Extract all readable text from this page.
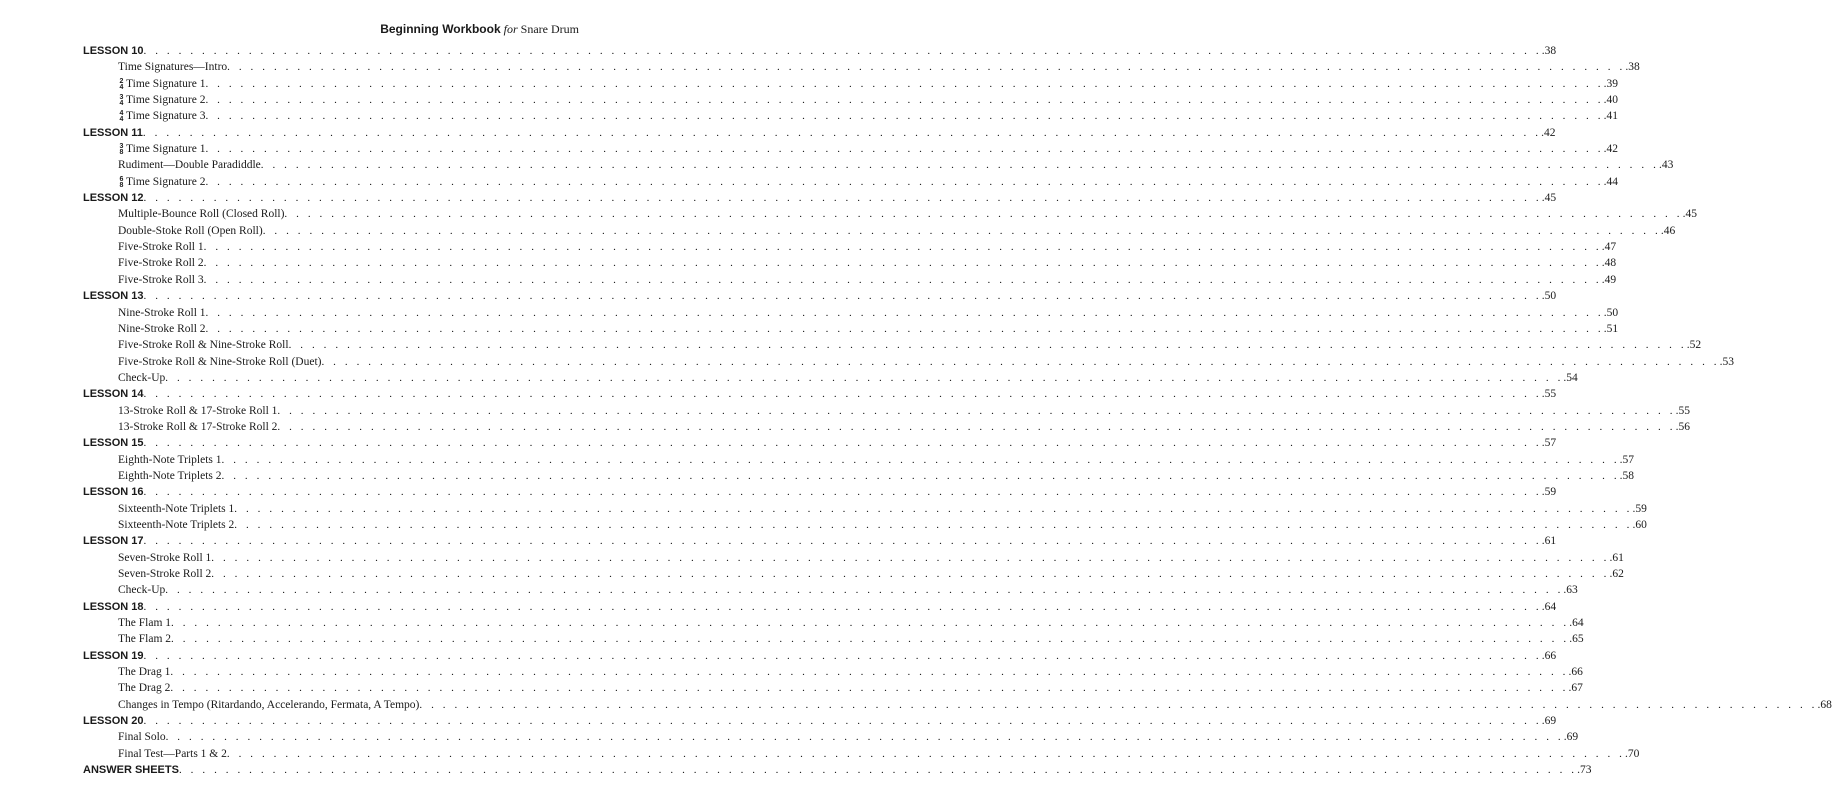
Beginning Workbook for Snare Drum
LESSON 10 . . . . . . . . . . . . . . . . . . . . . . . . . . . . . . . . . . . . . . . . . . . . . . . . . . . . . . . . . . . . . . . . . . . . . . . . . . . . . . . . . . . . . . . . . . . . . . . . . . . . . . . . . . . . . . . . . . . . . . . . .38
Time Signatures—Intro . . . . . . . . . . . . . . . . . . . . . . . . . . . . . . . . . . . . . . . . . . . . . . . . . . . . . . . . . . . . . . . . . . . . . . . . . . . . . . . . . . . . . . . . . . . . . . . . . . . . . . . . . . . . . . . . . . . . . . . . .38
2
4 Time Signature 1 . . . . . . . . . . . . . . . . . . . . . . . . . . . . . . . . . . . . . . . . . . . . . . . . . . . . . . . . . . . . . . . . . . . . . . . . . . . . . . . . . . . . . . . . . . . . . . . . . . . . . . . . . . . . . . . . . . . . . . . . .39
3
4 Time Signature 2 . . . . . . . . . . . . . . . . . . . . . . . . . . . . . . . . . . . . . . . . . . . . . . . . . . . . . . . . . . . . . . . . . . . . . . . . . . . . . . . . . . . . . . . . . . . . . . . . . . . . . . . . . . . . . . . . . . . . . . . . .40
4
4 Time Signature 3 . . . . . . . . . . . . . . . . . . . . . . . . . . . . . . . . . . . . . . . . . . . . . . . . . . . . . . . . . . . . . . . . . . . . . . . . . . . . . . . . . . . . . . . . . . . . . . . . . . . . . . . . . . . . . . . . . . . . . . . . .41
LESSON 11 . . . . . . . . . . . . . . . . . . . . . . . . . . . . . . . . . . . . . . . . . . . . . . . . . . . . . . . . . . . . . . . . . . . . . . . . . . . . . . . . . . . . . . . . . . . . . . . . . . . . . . . . . . . . . . . . . . . . . . . . .42
3
8 Time Signature 1 . . . . . . . . . . . . . . . . . . . . . . . . . . . . . . . . . . . . . . . . . . . . . . . . . . . . . . . . . . . . . . . . . . . . . . . . . . . . . . . . . . . . . . . . . . . . . . . . . . . . . . . . . . . . . . . . . . . . . . . . .42
Rudiment—Double Paradiddle . . . . . . . . . . . . . . . . . . . . . . . . . . . . . . . . . . . . . . . . . . . . . . . . . . . . . . . . . . . . . . . . . . . . . . . . . . . . . . . . . . . . . . . . . . . . . . . . . . . . . . . . . . . . . . . . . . . . . . . . .43
6
8 Time Signature 2 . . . . . . . . . . . . . . . . . . . . . . . . . . . . . . . . . . . . . . . . . . . . . . . . . . . . . . . . . . . . . . . . . . . . . . . . . . . . . . . . . . . . . . . . . . . . . . . . . . . . . . . . . . . . . . . . . . . . . . . . .44
LESSON 12 . . . . . . . . . . . . . . . . . . . . . . . . . . . . . . . . . . . . . . . . . . . . . . . . . . . . . . . . . . . . . . . . . . . . . . . . . . . . . . . . . . . . . . . . . . . . . . . . . . . . . . . . . . . . . . . . . . . . . . . . .45
Multiple-Bounce Roll (Closed Roll) . . . . . . . . . . . . . . . . . . . . . . . . . . . . . . . . . . . . . . . . . . . . . . . . . . . . . . . . . . . . . . . . . . . . . . . . . . . . . . . . . . . . . . . . . . . . . . . . . . . . . . . . . . . . . . . . . . . . . . . . .45
Double-Stoke Roll (Open Roll) . . . . . . . . . . . . . . . . . . . . . . . . . . . . . . . . . . . . . . . . . . . . . . . . . . . . . . . . . . . . . . . . . . . . . . . . . . . . . . . . . . . . . . . . . . . . . . . . . . . . . . . . . . . . . . . . . . . . . . . . .46
Five-Stroke Roll 1 . . . . . . . . . . . . . . . . . . . . . . . . . . . . . . . . . . . . . . . . . . . . . . . . . . . . . . . . . . . . . . . . . . . . . . . . . . . . . . . . . . . . . . . . . . . . . . . . . . . . . . . . . . . . . . . . . . . . . . . . .47
Five-Stroke Roll 2 . . . . . . . . . . . . . . . . . . . . . . . . . . . . . . . . . . . . . . . . . . . . . . . . . . . . . . . . . . . . . . . . . . . . . . . . . . . . . . . . . . . . . . . . . . . . . . . . . . . . . . . . . . . . . . . . . . . . . . . . .48
Five-Stroke Roll 3 . . . . . . . . . . . . . . . . . . . . . . . . . . . . . . . . . . . . . . . . . . . . . . . . . . . . . . . . . . . . . . . . . . . . . . . . . . . . . . . . . . . . . . . . . . . . . . . . . . . . . . . . . . . . . . . . . . . . . . . . .49
LESSON 13 . . . . . . . . . . . . . . . . . . . . . . . . . . . . . . . . . . . . . . . . . . . . . . . . . . . . . . . . . . . . . . . . . . . . . . . . . . . . . . . . . . . . . . . . . . . . . . . . . . . . . . . . . . . . . . . . . . . . . . . . .50
Nine-Stroke Roll 1 . . . . . . . . . . . . . . . . . . . . . . . . . . . . . . . . . . . . . . . . . . . . . . . . . . . . . . . . . . . . . . . . . . . . . . . . . . . . . . . . . . . . . . . . . . . . . . . . . . . . . . . . . . . . . . . . . . . . . . . . .50
Nine-Stroke Roll 2 . . . . . . . . . . . . . . . . . . . . . . . . . . . . . . . . . . . . . . . . . . . . . . . . . . . . . . . . . . . . . . . . . . . . . . . . . . . . . . . . . . . . . . . . . . . . . . . . . . . . . . . . . . . . . . . . . . . . . . . . .51
Five-Stroke Roll & Nine-Stroke Roll . . . . . . . . . . . . . . . . . . . . . . . . . . . . . . . . . . . . . . . . . . . . . . . . . . . . . . . . . . . . . . . . . . . . . . . . . . . . . . . . . . . . . . . . . . . . . . . . . . . . . . . . . . . . . . . . . . . . . . . . .52
Five-Stroke Roll & Nine-Stroke Roll (Duet) . . . . . . . . . . . . . . . . . . . . . . . . . . . . . . . . . . . . . . . . . . . . . . . . . . . . . . . . . . . . . . . . . . . . . . . . . . . . . . . . . . . . . . . . . . . . . . . . . . . . . . . . . . . . . . . . . . . . . . . . .53
Check-Up . . . . . . . . . . . . . . . . . . . . . . . . . . . . . . . . . . . . . . . . . . . . . . . . . . . . . . . . . . . . . . . . . . . . . . . . . . . . . . . . . . . . . . . . . . . . . . . . . . . . . . . . . . . . . . . . . . . . . . . . .54
LESSON 14 . . . . . . . . . . . . . . . . . . . . . . . . . . . . . . . . . . . . . . . . . . . . . . . . . . . . . . . . . . . . . . . . . . . . . . . . . . . . . . . . . . . . . . . . . . . . . . . . . . . . . . . . . . . . . . . . . . . . . . . . .55
13-Stroke Roll & 17-Stroke Roll 1 . . . . . . . . . . . . . . . . . . . . . . . . . . . . . . . . . . . . . . . . . . . . . . . . . . . . . . . . . . . . . . . . . . . . . . . . . . . . . . . . . . . . . . . . . . . . . . . . . . . . . . . . . . . . . . . . . . . . . . . . .55
13-Stroke Roll & 17-Stroke Roll 2 . . . . . . . . . . . . . . . . . . . . . . . . . . . . . . . . . . . . . . . . . . . . . . . . . . . . . . . . . . . . . . . . . . . . . . . . . . . . . . . . . . . . . . . . . . . . . . . . . . . . . . . . . . . . . . . . . . . . . . . . .56
LESSON 15 . . . . . . . . . . . . . . . . . . . . . . . . . . . . . . . . . . . . . . . . . . . . . . . . . . . . . . . . . . . . . . . . . . . . . . . . . . . . . . . . . . . . . . . . . . . . . . . . . . . . . . . . . . . . . . . . . . . . . . . . .57
Eighth-Note Triplets 1 . . . . . . . . . . . . . . . . . . . . . . . . . . . . . . . . . . . . . . . . . . . . . . . . . . . . . . . . . . . . . . . . . . . . . . . . . . . . . . . . . . . . . . . . . . . . . . . . . . . . . . . . . . . . . . . . . . . . . . . . .57
Eighth-Note Triplets 2 . . . . . . . . . . . . . . . . . . . . . . . . . . . . . . . . . . . . . . . . . . . . . . . . . . . . . . . . . . . . . . . . . . . . . . . . . . . . . . . . . . . . . . . . . . . . . . . . . . . . . . . . . . . . . . . . . . . . . . . . .58
LESSON 16 . . . . . . . . . . . . . . . . . . . . . . . . . . . . . . . . . . . . . . . . . . . . . . . . . . . . . . . . . . . . . . . . . . . . . . . . . . . . . . . . . . . . . . . . . . . . . . . . . . . . . . . . . . . . . . . . . . . . . . . . .59
Sixteenth-Note Triplets 1 . . . . . . . . . . . . . . . . . . . . . . . . . . . . . . . . . . . . . . . . . . . . . . . . . . . . . . . . . . . . . . . . . . . . . . . . . . . . . . . . . . . . . . . . . . . . . . . . . . . . . . . . . . . . . . . . . . . . . . . . .59
Sixteenth-Note Triplets 2 . . . . . . . . . . . . . . . . . . . . . . . . . . . . . . . . . . . . . . . . . . . . . . . . . . . . . . . . . . . . . . . . . . . . . . . . . . . . . . . . . . . . . . . . . . . . . . . . . . . . . . . . . . . . . . . . . . . . . . . . .60
LESSON 17 . . . . . . . . . . . . . . . . . . . . . . . . . . . . . . . . . . . . . . . . . . . . . . . . . . . . . . . . . . . . . . . . . . . . . . . . . . . . . . . . . . . . . . . . . . . . . . . . . . . . . . . . . . . . . . . . . . . . . . . . .61
Seven-Stroke Roll 1 . . . . . . . . . . . . . . . . . . . . . . . . . . . . . . . . . . . . . . . . . . . . . . . . . . . . . . . . . . . . . . . . . . . . . . . . . . . . . . . . . . . . . . . . . . . . . . . . . . . . . . . . . . . . . . . . . . . . . . . . .61
Seven-Stroke Roll 2 . . . . . . . . . . . . . . . . . . . . . . . . . . . . . . . . . . . . . . . . . . . . . . . . . . . . . . . . . . . . . . . . . . . . . . . . . . . . . . . . . . . . . . . . . . . . . . . . . . . . . . . . . . . . . . . . . . . . . . . . .62
Check-Up . . . . . . . . . . . . . . . . . . . . . . . . . . . . . . . . . . . . . . . . . . . . . . . . . . . . . . . . . . . . . . . . . . . . . . . . . . . . . . . . . . . . . . . . . . . . . . . . . . . . . . . . . . . . . . . . . . . . . . . . .63
LESSON 18 . . . . . . . . . . . . . . . . . . . . . . . . . . . . . . . . . . . . . . . . . . . . . . . . . . . . . . . . . . . . . . . . . . . . . . . . . . . . . . . . . . . . . . . . . . . . . . . . . . . . . . . . . . . . . . . . . . . . . . . . .64
The Flam 1 . . . . . . . . . . . . . . . . . . . . . . . . . . . . . . . . . . . . . . . . . . . . . . . . . . . . . . . . . . . . . . . . . . . . . . . . . . . . . . . . . . . . . . . . . . . . . . . . . . . . . . . . . . . . . . . . . . . . . . . . .64
The Flam 2 . . . . . . . . . . . . . . . . . . . . . . . . . . . . . . . . . . . . . . . . . . . . . . . . . . . . . . . . . . . . . . . . . . . . . . . . . . . . . . . . . . . . . . . . . . . . . . . . . . . . . . . . . . . . . . . . . . . . . . . . .65
LESSON 19 . . . . . . . . . . . . . . . . . . . . . . . . . . . . . . . . . . . . . . . . . . . . . . . . . . . . . . . . . . . . . . . . . . . . . . . . . . . . . . . . . . . . . . . . . . . . . . . . . . . . . . . . . . . . . . . . . . . . . . . . .66
The Drag 1 . . . . . . . . . . . . . . . . . . . . . . . . . . . . . . . . . . . . . . . . . . . . . . . . . . . . . . . . . . . . . . . . . . . . . . . . . . . . . . . . . . . . . . . . . . . . . . . . . . . . . . . . . . . . . . . . . . . . . . . . .66
The Drag 2 . . . . . . . . . . . . . . . . . . . . . . . . . . . . . . . . . . . . . . . . . . . . . . . . . . . . . . . . . . . . . . . . . . . . . . . . . . . . . . . . . . . . . . . . . . . . . . . . . . . . . . . . . . . . . . . . . . . . . . . . .67
Changes in Tempo (Ritardando, Accelerando, Fermata, A Tempo) . . . . . . . . . . . . . . . . . . . . . . . . . . . . . . . . . . . . . . . . . . . . . . . . . . . . . . . . . . . . . . . . . . . . . . . . . . . . . . . . . . . . . . . . . . . . . . . . . . . . . . . . . . . . . . . . . . . . . . . . .68
LESSON 20 . . . . . . . . . . . . . . . . . . . . . . . . . . . . . . . . . . . . . . . . . . . . . . . . . . . . . . . . . . . . . . . . . . . . . . . . . . . . . . . . . . . . . . . . . . . . . . . . . . . . . . . . . . . . . . . . . . . . . . . . .69
Final Solo . . . . . . . . . . . . . . . . . . . . . . . . . . . . . . . . . . . . . . . . . . . . . . . . . . . . . . . . . . . . . . . . . . . . . . . . . . . . . . . . . . . . . . . . . . . . . . . . . . . . . . . . . . . . . . . . . . . . . . . . .69
Final Test—Parts 1 & 2 . . . . . . . . . . . . . . . . . . . . . . . . . . . . . . . . . . . . . . . . . . . . . . . . . . . . . . . . . . . . . . . . . . . . . . . . . . . . . . . . . . . . . . . . . . . . . . . . . . . . . . . . . . . . . . . . . . . . . . . . .70
ANSWER SHEETS . . . . . . . . . . . . . . . . . . . . . . . . . . . . . . . . . . . . . . . . . . . . . . . . . . . . . . . . . . . . . . . . . . . . . . . . . . . . . . . . . . . . . . . . . . . . . . . . . . . . . . . . . . . . . . . . . . . . . . . . .73
